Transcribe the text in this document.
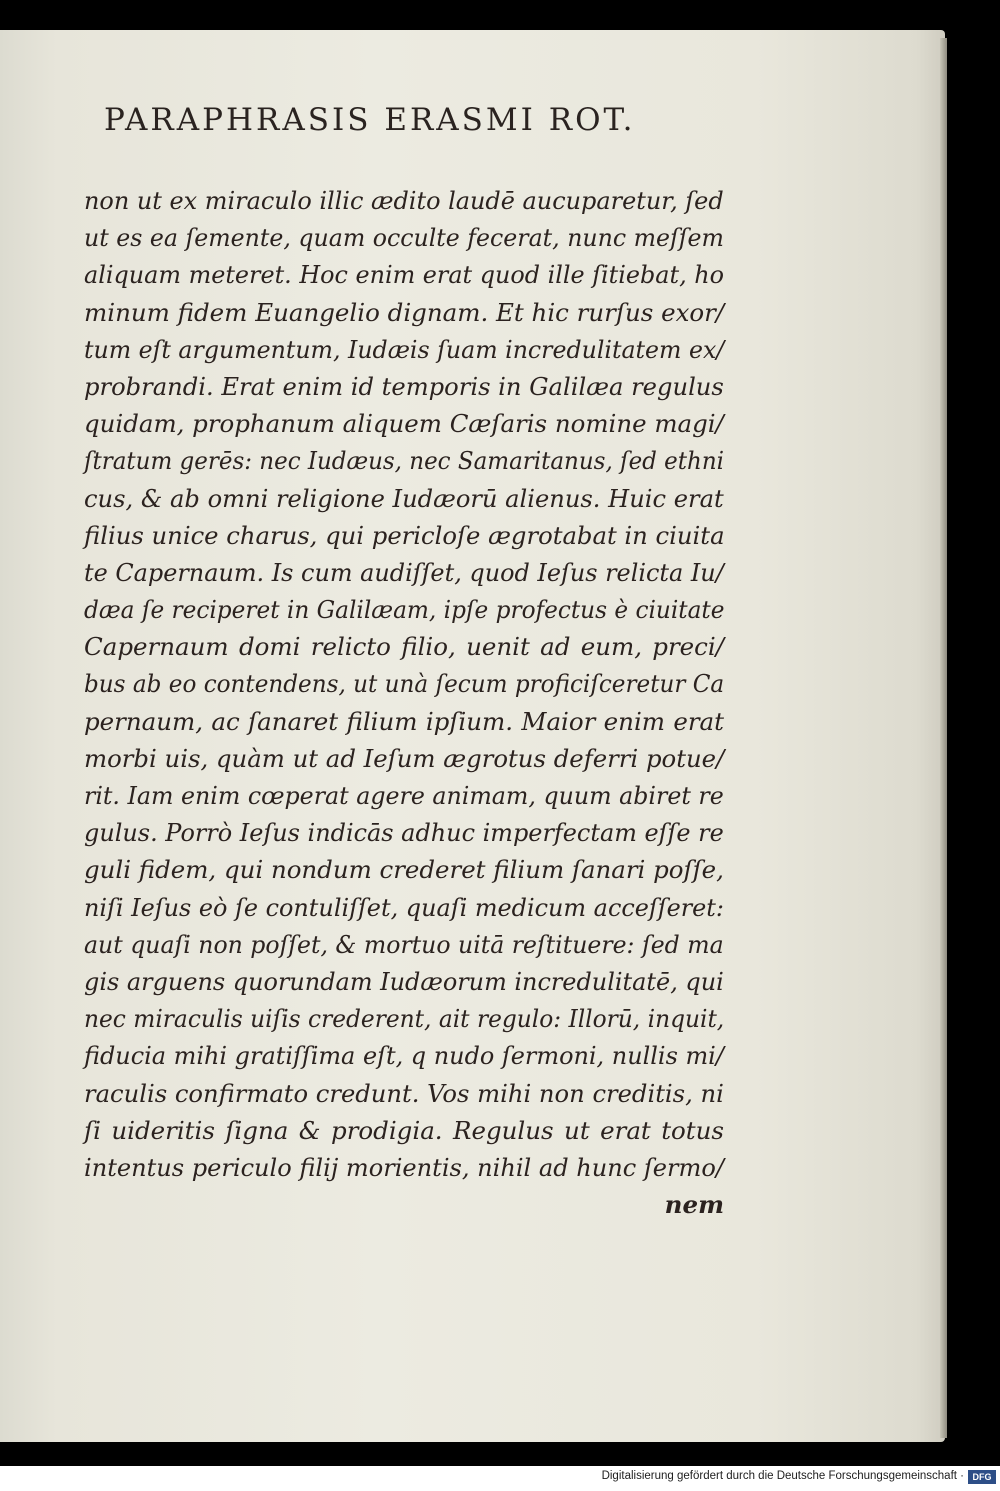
PARAPHRASIS ERASMI ROT.
non ut ex miraculo illic ædito laudē aucuparetur, ſed
ut es ea ſemente, quam occulte fecerat, nunc meſſem
aliquam meteret. Hoc enim erat quod ille ſitiebat, ho
minum fidem Euangelio dignam. Et hic rurſus exor/
tum eſt argumentum, Iudæis ſuam incredulitatem ex/
probrandi. Erat enim id temporis in Galilæa regulus
quidam, prophanum aliquem Cæſaris nomine magi/
ſtratum gerēs: nec Iudæus, nec Samaritanus, ſed ethni
cus, & ab omni religione Iudæorū alienus. Huic erat
filius unice charus, qui pericloſe ægrotabat in ciuita
te Capernaum. Is cum audiſſet, quod Ieſus relicta Iu/
dæa ſe reciperet in Galilæam, ipſe profectus è ciuitate
Capernaum domi relicto filio, uenit ad eum, preci/
bus ab eo contendens, ut unà ſecum proficiſceretur Ca
pernaum, ac ſanaret filium ipſium. Maior enim erat
morbi uis, quàm ut ad Ieſum ægrotus deferri potue/
rit. Iam enim cœperat agere animam, quum abiret re
gulus. Porrò Ieſus indicās adhuc imperfectam eſſe re
guli fidem, qui nondum crederet filium ſanari poſſe,
niſi Ieſus eò ſe contuliſſet, quaſi medicum acceſſeret:
aut quaſi non poſſet, & mortuo uitā reſtituere: ſed ma
gis arguens quorundam Iudæorum incredulitatē, qui
nec miraculis uiſis crederent, ait regulo: Illorū, inquit,
fiducia mihi gratiſſima eſt, q nudo ſermoni, nullis mi/
raculis confirmato credunt. Vos mihi non creditis, ni
ſi uideritis ſigna & prodigia. Regulus ut erat totus
intentus periculo filij morientis, nihil ad hunc ſermo/
nem
Digitalisierung gefördert durch die Deutsche Forschungsgemeinschaft · DFG
